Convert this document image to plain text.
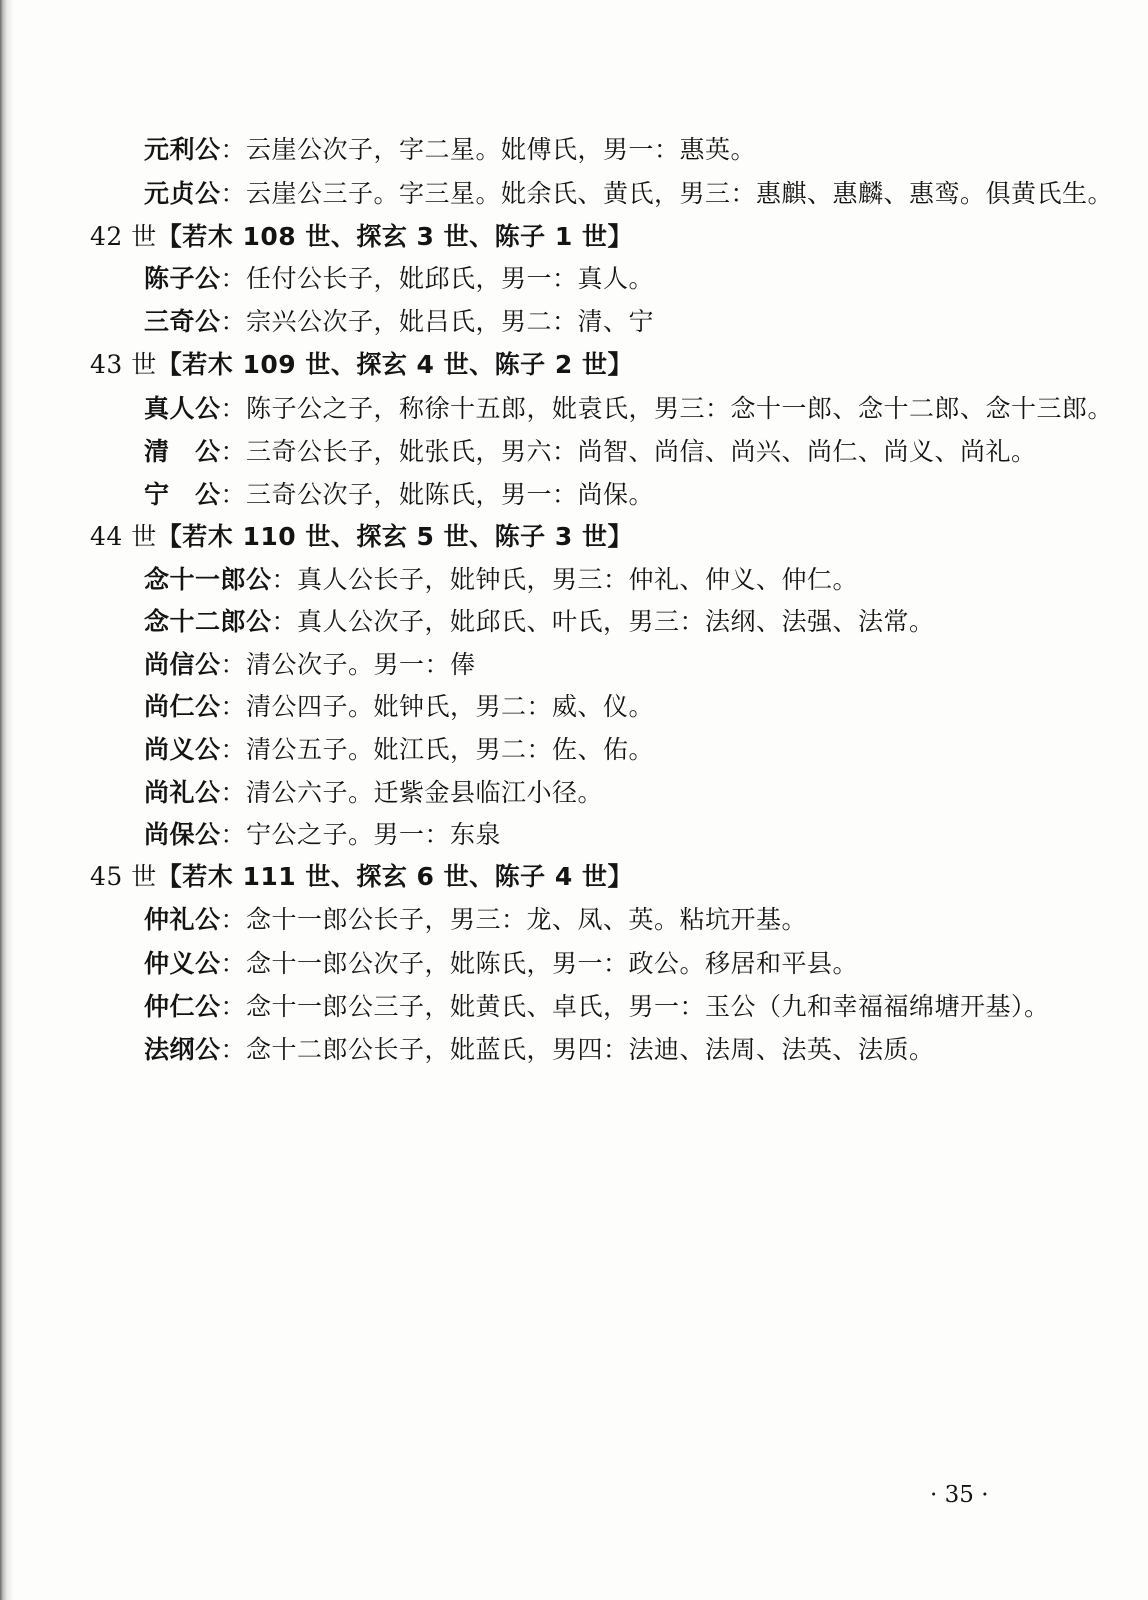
元利公：云崖公次子，字二星。妣傅氏，男一：惠英。
元贞公：云崖公三子。字三星。妣余氏、黄氏，男三：惠麒、惠麟、惠鸾。俱黄氏生。
42 世【若木 108 世、探玄 3 世、陈子 1 世】
陈子公：任付公长子，妣邱氏，男一：真人。
三奇公：宗兴公次子，妣吕氏，男二：清、宁
43 世【若木 109 世、探玄 4 世、陈子 2 世】
真人公：陈子公之子，称徐十五郎，妣袁氏，男三：念十一郎、念十二郎、念十三郎。
清　公：三奇公长子，妣张氏，男六：尚智、尚信、尚兴、尚仁、尚义、尚礼。
宁　公：三奇公次子，妣陈氏，男一：尚保。
44 世【若木 110 世、探玄 5 世、陈子 3 世】
念十一郎公：真人公长子，妣钟氏，男三：仲礼、仲义、仲仁。
念十二郎公：真人公次子，妣邱氏、叶氏，男三：法纲、法强、法常。
尚信公：清公次子。男一：俸
尚仁公：清公四子。妣钟氏，男二：威、仪。
尚义公：清公五子。妣江氏，男二：佐、佑。
尚礼公：清公六子。迁紫金县临江小径。
尚保公：宁公之子。男一：东泉
45 世【若木 111 世、探玄 6 世、陈子 4 世】
仲礼公：念十一郎公长子，男三：龙、凤、英。粘坑开基。
仲义公：念十一郎公次子，妣陈氏，男一：政公。移居和平县。
仲仁公：念十一郎公三子，妣黄氏、卓氏，男一：玉公（九和幸福福绵塘开基）。
法纲公：念十二郎公长子，妣蓝氏，男四：法迪、法周、法英、法质。
· 35 ·
